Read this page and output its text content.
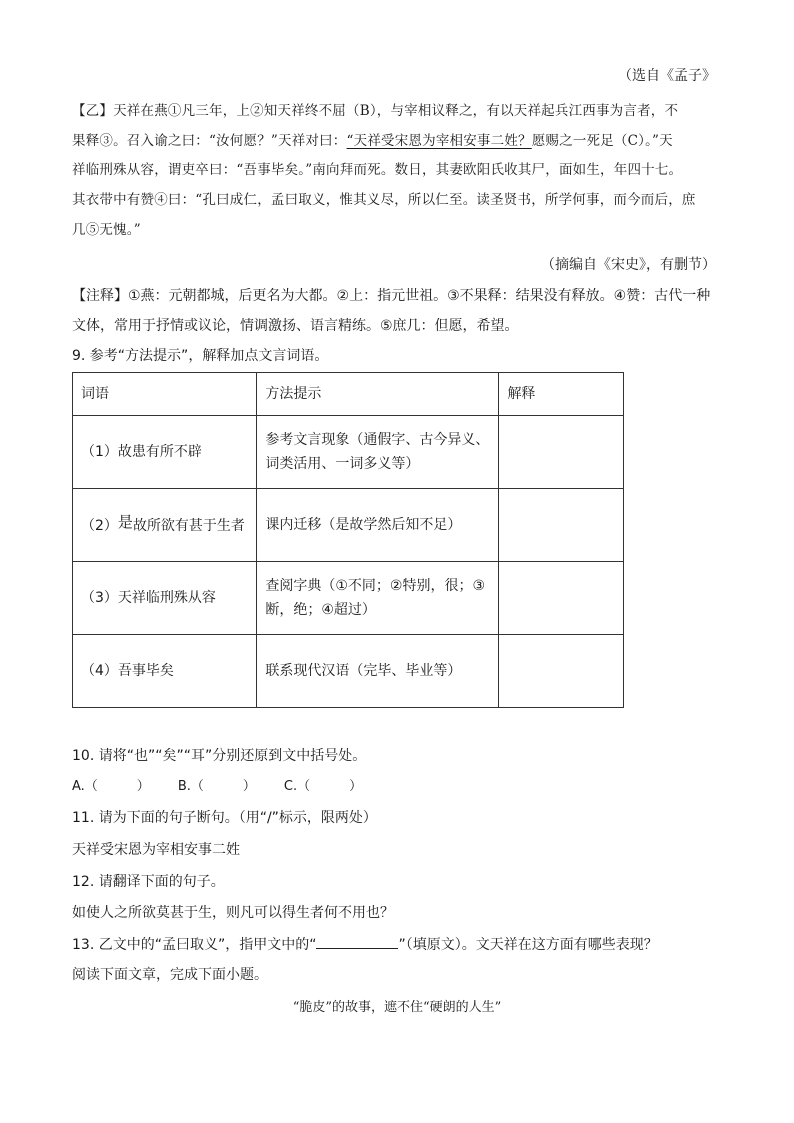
（选自《孟子》
【乙】天祥在燕①凡三年，上②知天祥终不屈（B），与宰相议释之，有以天祥起兵江西事为言者，不
果释③。召入谕之曰：“汝何愿？”天祥对曰：“天祥受宋恩为宰相安事二姓？愿赐之一死足（C）。”天
祥临刑殊从容，谓吏卒曰：“吾事毕矣。”南向拜而死。数日，其妻欧阳氏收其尸，面如生，年四十七。
其衣带中有赞④曰：“孔曰成仁，孟曰取义，惟其义尽，所以仁至。读圣贤书，所学何事，而今而后，庶
几⑤无愧。”
（摘编自《宋史》，有删节）
【注释】①燕：元朝都城，后更名为大都。②上：指元世祖。③不果释：结果没有释放。④赞：古代一种
文体，常用于抒情或议论，情调激扬、语言精练。⑤庶几：但愿，希望。
9. 参考“方法提示”，解释加点文言词语。
词语	方法提示	解释
（1）故患有所不辟	参考文言现象（通假字、古今异义、
词类活用、一词多义等）	

（2）是故所欲有甚于生者	课内迁移（是故学然后知不足）	

（3）天祥临刑殊从容	查阅字典（①不同；②特别，很；③
断，绝；④超过）	

（4）吾事毕矣	联系现代汉语（完毕、毕业等）	

10. 请将“也”“矣”“耳”分别还原到文中括号处。
A.（　　　） B.（　　　） C.（　　　）
11. 请为下面的句子断句。（用“/”标示，限两处）
天祥受宋恩为宰相安事二姓
12. 请翻译下面的句子。
如使人之所欲莫甚于生，则凡可以得生者何不用也？
13. 乙文中的“孟曰取义”，指甲文中的“	”（填原文）。文天祥在这方面有哪些表现？
阅读下面文章，完成下面小题。
“脆皮”的故事，遮不住“硬朗的人生”
